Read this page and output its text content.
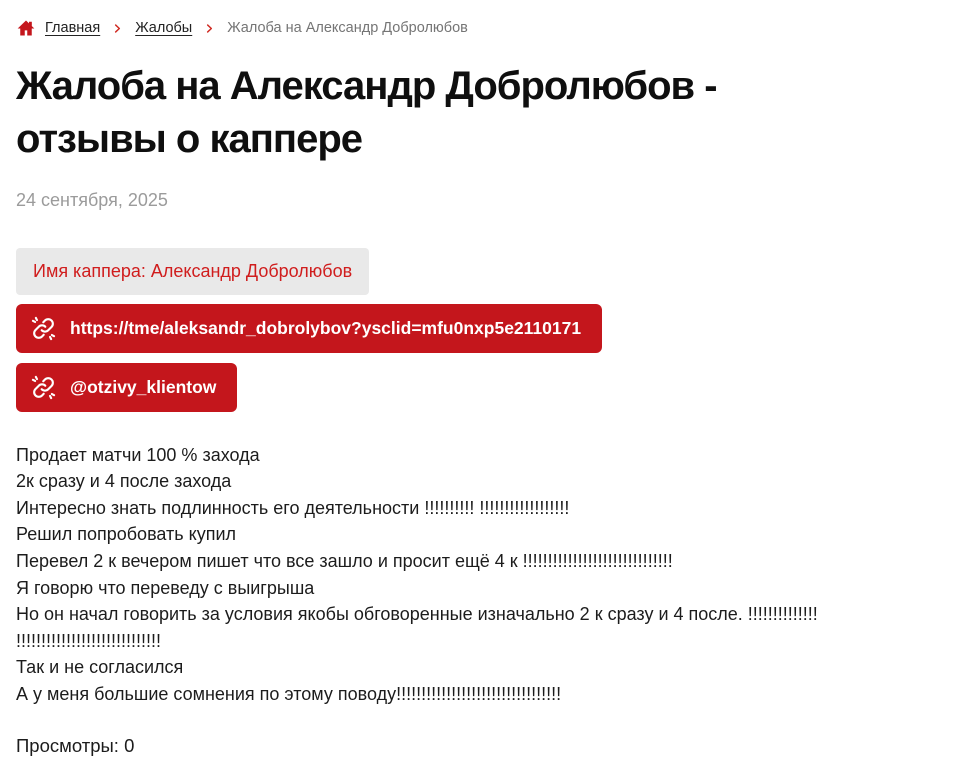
Главная Жалобы Жалоба на Александр Добролюбов
Жалоба на Александр Добролюбов - отзывы о каппере
24 сентября, 2025
Имя каппера: Александр Добролюбов
https://tme/aleksandr_dobrolybov?ysclid=mfu0nxp5e2110171
@otzivy_klientow
Продает матчи 100 % захода
2к сразу и 4 после захода
Интересно знать подлинность его деятельности !!!!!!!!!! !!!!!!!!!!!!!!!!!!
Решил попробовать купил
Перевел 2 к вечером пишет что все зашло и просит ещё 4 к !!!!!!!!!!!!!!!!!!!!!!!!!!!!!!
Я говорю что переведу с выигрыша
Но он начал говорить за условия якобы обговоренные изначально 2 к сразу и 4 после. !!!!!!!!!!!!!!
!!!!!!!!!!!!!!!!!!!!!!!!!!!!!
Так и не согласился
А у меня большие сомнения по этому поводу!!!!!!!!!!!!!!!!!!!!!!!!!!!!!!!!!
Просмотры: 0
